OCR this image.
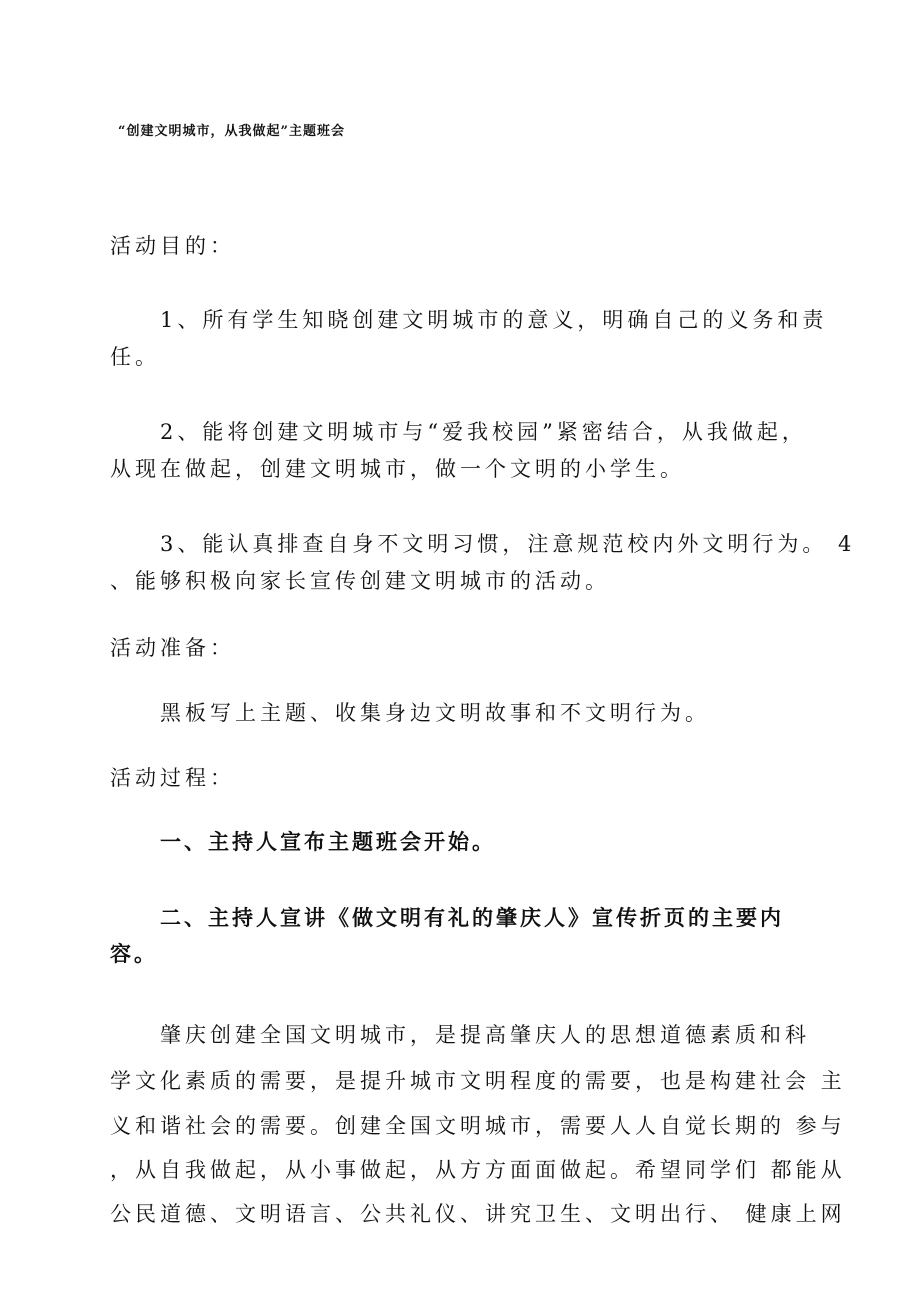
“创建文明城市，从我做起”主题班会
活动目的：
1、所有学生知晓创建文明城市的意义，明确自己的义务和责
任。
2、能将创建文明城市与“爱我校园”紧密结合，从我做起，
从现在做起，创建文明城市，做一个文明的小学生。
3、能认真排查自身不文明习惯，注意规范校内外文明行为。 4
、能够积极向家长宣传创建文明城市的活动。
活动准备：
黑板写上主题、收集身边文明故事和不文明行为。
活动过程：
一、主持人宣布主题班会开始。
二、主持人宣讲《做文明有礼的肇庆人》宣传折页的主要内
容。
肇庆创建全国文明城市，是提高肇庆人的思想道德素质和科
学文化素质的需要，是提升城市文明程度的需要，也是构建社会 主
义和谐社会的需要。创建全国文明城市，需要人人自觉长期的 参与
，从自我做起，从小事做起，从方方面面做起。希望同学们 都能从
公民道德、文明语言、公共礼仪、讲究卫生、文明出行、 健康上网
